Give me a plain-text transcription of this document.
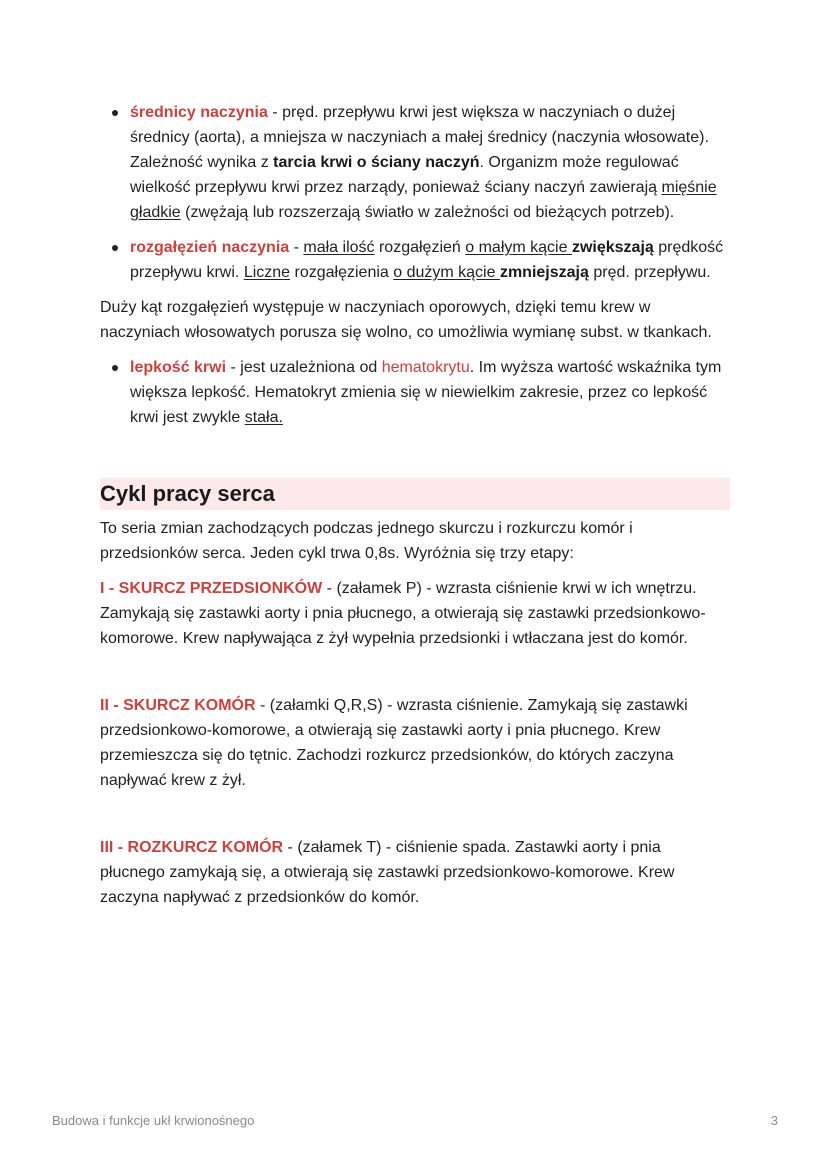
średnicy naczynia - pręd. przepływu krwi jest większa w naczyniach o dużej średnicy (aorta), a mniejsza w naczyniach a małej średnicy (naczynia włosowate). Zależność wynika z tarcia krwi o ściany naczyń. Organizm może regulować wielkość przepływu krwi przez narządy, ponieważ ściany naczyń zawierają mięśnie gładkie (zwężają lub rozszerzają światło w zależności od bieżących potrzeb).
rozgałęzień naczynia - mała ilość rozgałęzień o małym kącie zwiększają prędkość przepływu krwi. Liczne rozgałęzienia o dużym kącie zmniejszają pręd. przepływu.

Duży kąt rozgałęzień występuje w naczyniach oporowych, dzięki temu krew w naczyniach włosowatych porusza się wolno, co umożliwia wymianę subst. w tkankach.

lepkość krwi - jest uzależniona od hematokrytu. Im wyższa wartość wskaźnika tym większa lepkość. Hematokryt zmienia się w niewielkim zakresie, przez co lepkość krwi jest zwykle stała.
Cykl pracy serca

To seria zmian zachodzących podczas jednego skurczu i rozkurczu komór i przedsionków serca. Jeden cykl trwa 0,8s. Wyróżnia się trzy etapy:

I - SKURCZ PRZEDSIONKÓW - (załamek P) - wzrasta ciśnienie krwi w ich wnętrzu. Zamykają się zastawki aorty i pnia płucnego, a otwierają się zastawki przedsionkowo-komorowe. Krew napływająca z żył wypełnia przedsionki i wtłaczana jest do komór.

II - SKURCZ KOMÓR - (załamki Q,R,S) - wzrasta ciśnienie. Zamykają się zastawki przedsionkowo-komorowe, a otwierają się zastawki aorty i pnia płucnego. Krew przemieszcza się do tętnic. Zachodzi rozkurcz przedsionków, do których zaczyna napływać krew z żył.

III - ROZKURCZ KOMÓR - (załamek T) - ciśnienie spada. Zastawki aorty i pnia płucnego zamykają się, a otwierają się zastawki przedsionkowo-komorowe. Krew zaczyna napływać z przedsionków do komór.

Budowa i funkcje ukł krwionośnego	3
